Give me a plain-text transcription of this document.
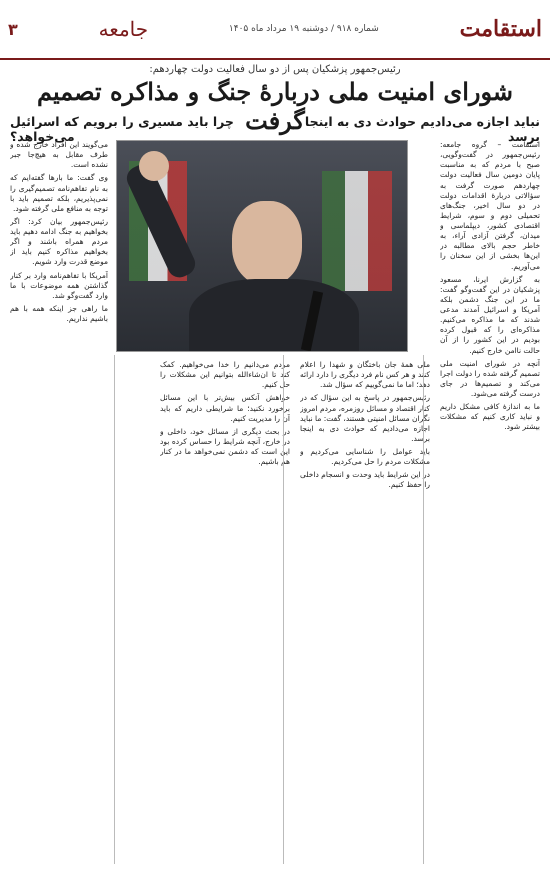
استقامت
شماره ۹۱۸ / دوشنبه ۱۹ مرداد ماه ۱۴۰۵
جامعه
۳
رئیس‌جمهور پزشکیان پس از دو سال فعالیت دولت چهاردهم:
شورای امنیت ملی دربارهٔ جنگ و مذاکره تصمیم گرفت نباید اجازه می‌دادیم حوادث دی به اینجا برسد
چرا باید مسیری را برویم که اسرائیل می‌خواهد؟

استقامت – گروه جامعه: رئیس‌جمهور در گفت‌وگویی، صبح با مردم که به مناسبت پایان دومین سال فعالیت دولت چهاردهم صورت گرفت به سؤالاتی دربارهٔ اقدامات دولت در دو سال اخیر، جنگ‌های تحمیلی دوم و سوم، شرایط اقتصادی کشور، دیپلماسی و میدان، گرفتن آزادی آراء، به خاطر حجم بالای مطالبه در این‌ها بخشی از این سخنان را می‌آوریم.

به گزارش ایرنا، مسعود پزشکیان در این گفت‌وگو گفت: ما در این جنگ دشمن بلکه آمریکا و اسرائیل آمدند مدعی شدند که ما مذاکره می‌کنیم. مذاکره‌ای را که قبول کرده بودیم در این کشور را از آن حالت ناامن خارج کنیم.

آنچه در شورای امنیت ملی تصمیم گرفته شده را دولت اجرا می‌کند و تصمیم‌ها در جای درست گرفته می‌شود.

ما به اندازهٔ کافی مشکل داریم و نباید کاری کنیم که مشکلات بیشتر شود.

ملی همهٔ جان باختگان و شهدا را اعلام کنند و هر کس نام فرد دیگری را دارد ارائه دهد؛ اما ما نمی‌گوییم که سؤال شد.

رئیس‌جمهور در پاسخ به این سؤال که در کنار اقتصاد و مسائل روزمره، مردم امروز نگران مسائل امنیتی هستند، گفت: ما نباید اجازه می‌دادیم که حوادث دی به اینجا برسد.

باید عوامل را شناسایی می‌کردیم و مشکلات مردم را حل می‌کردیم.

در این شرایط باید وحدت و انسجام داخلی را حفظ کنیم.

مردم می‌دانیم را خدا می‌خواهیم. کمک کند تا ان‌شاءالله بتوانیم این مشکلات را حل کنیم.

خواهش آنکس بیش‌تر با این مسائل برخورد نکنید؛ ما شرایطی داریم که باید آن را مدیریت کنیم.

در بحث دیگری از مسائل خود، داخلی و در خارج، آنچه شرایط را حساس کرده بود این است که دشمن نمی‌خواهد ما در کنار هم باشیم.

می‌گویند این افراد خارج شده و طرف مقابل به هیچ‌جا جبر نشده است.

وی گفت: ما بارها گفته‌ایم که به نام تفاهم‌نامه تصمیم‌گیری را نمی‌پذیریم، بلکه تصمیم باید با توجه به منافع ملی گرفته شود.

رئیس‌جمهور بیان کرد: اگر بخواهیم به جنگ ادامه دهیم باید مردم همراه باشند و اگر بخواهیم مذاکره کنیم باید از موضع قدرت وارد شویم.

آمریکا با تفاهم‌نامه وارد بر کنار گذاشتن همه موضوعات با ما وارد گفت‌وگو شد.

ما راهی جز اینکه همه با هم باشیم نداریم.
